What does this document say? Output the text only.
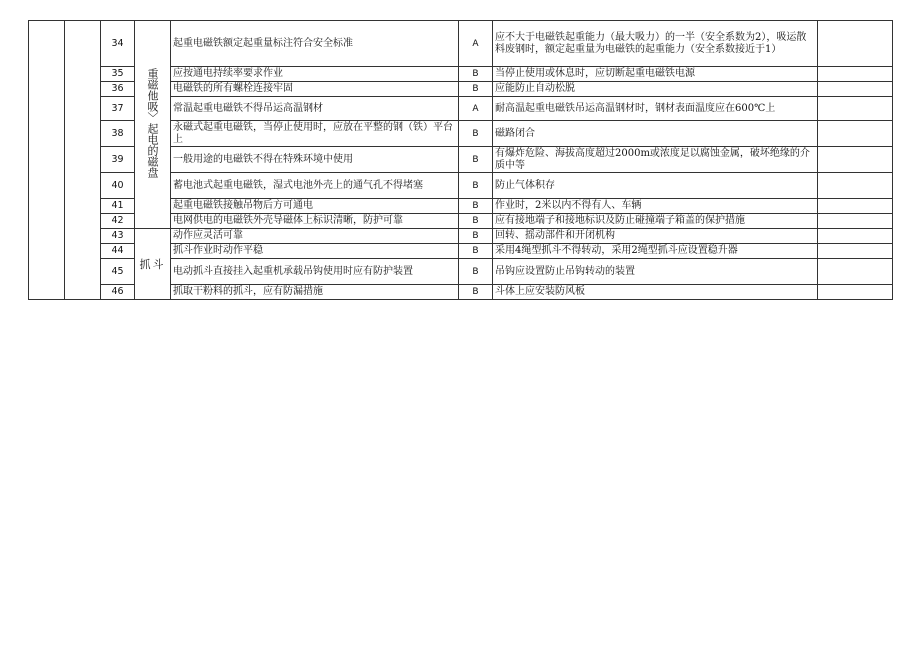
		34	重磁他吸〉起电的磁盘	起重电磁铁额定起重量标注符合安全标准	A	应不大于电磁铁起重能力（最大吸力）的一半（安全系数为2），吸运散料废钢时，额定起重量为电磁铁的起重能力（安全系数接近于1）	
		35		应按通电持续率要求作业	B	当停止使用或休息时，应切断起重电磁铁电源	
		36		电磁铁的所有螺栓连接牢固	B	应能防止自动松脱	
		37		常温起重电磁铁不得吊运高温钢材	A	耐高温起重电磁铁吊运高温钢材时，钢材表面温度应在600℃上	
		38		永磁式起重电磁铁，当停止使用时，应放在平整的钢（铁）平台上	B	磁路闭合	
		39		一般用途的电磁铁不得在特殊环境中使用	B	有爆炸危险、海拔高度超过2000m或浓度足以腐蚀金属，破坏绝缘的介质中等	
		40		蓄电池式起重电磁铁，湿式电池外壳上的通气孔不得堵塞	B	防止气体积存	
		41		起重电磁铁接触吊物后方可通电	B	作业时，2米以内不得有人、车辆	
		42		电网供电的电磁铁外壳导磁体上标识清晰，防护可靠	B	应有接地端子和接地标识及防止碰撞端子箱盖的保护措施	
		43	抓斗	动作应灵活可靠	B	回转、摇动部件和开闭机构	
		44		抓斗作业时动作平稳	B	采用4绳型抓斗不得转动，采用2绳型抓斗应设置稳升器	
		45		电动抓斗直接挂入起重机承载吊钩使用时应有防护装置	B	吊钩应设置防止吊钩转动的装置	
		46		抓取干粉料的抓斗，应有防漏措施	B	斗体上应安装防风板	
